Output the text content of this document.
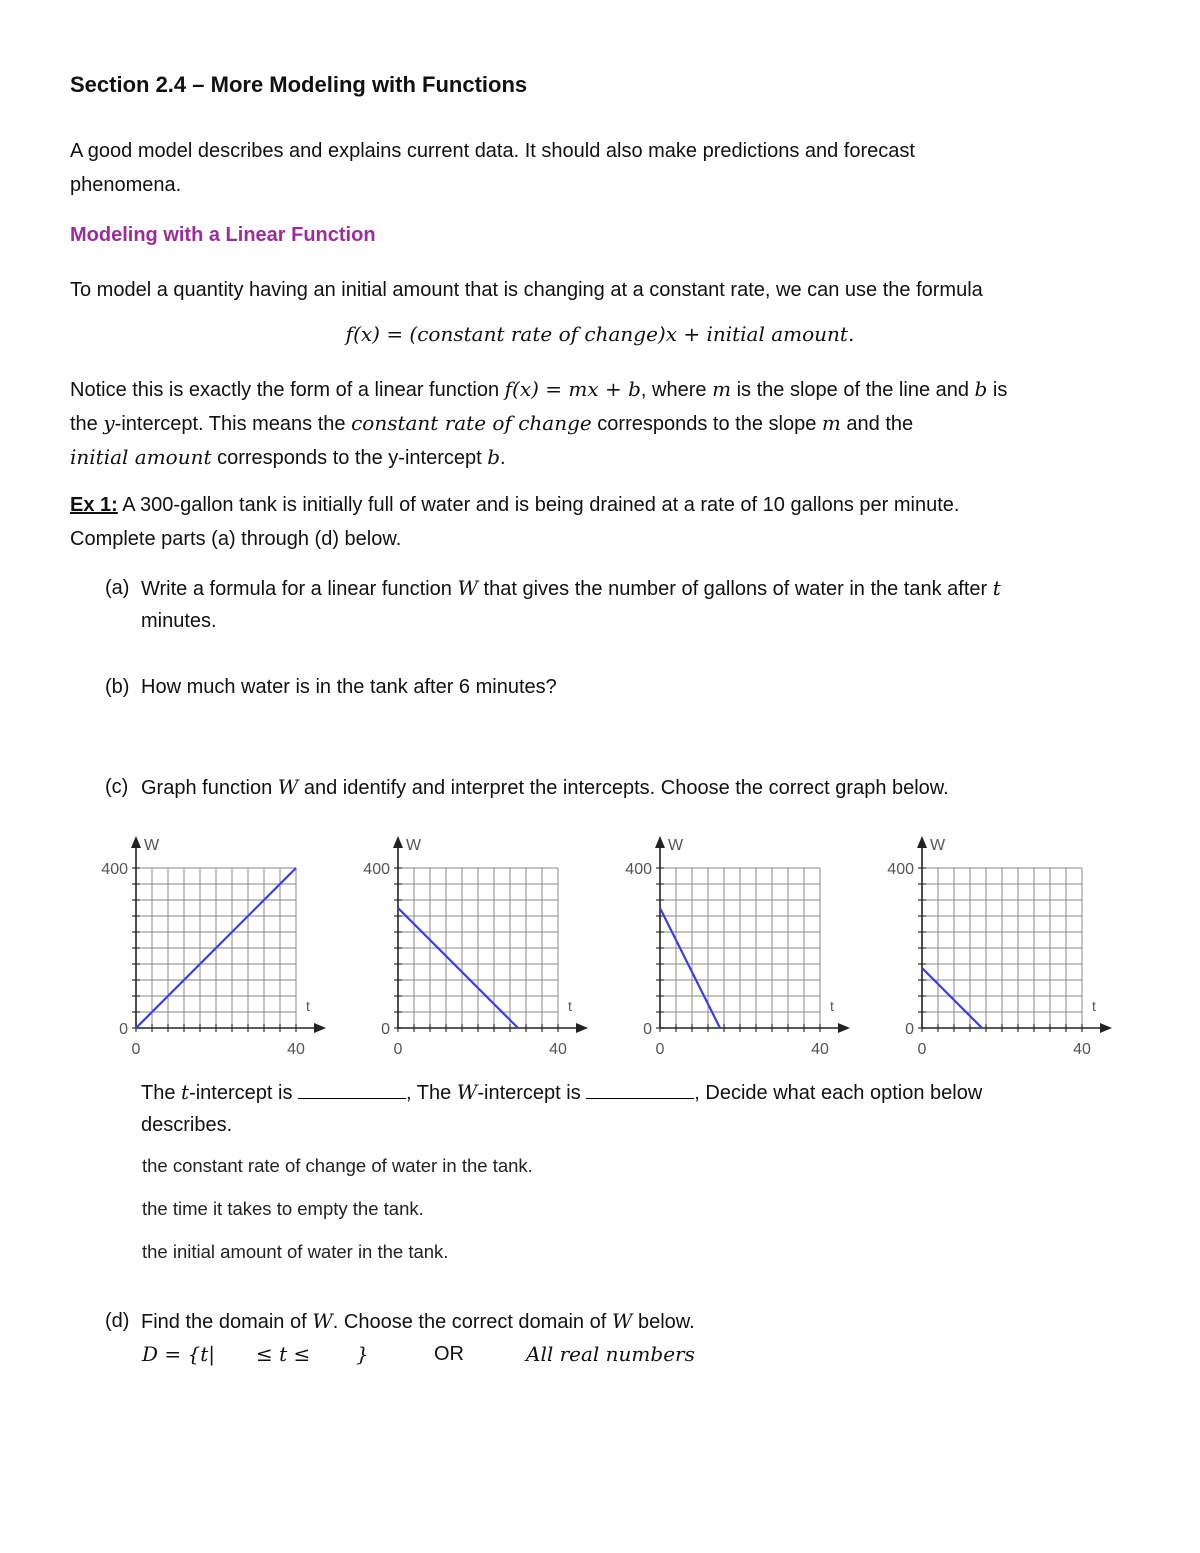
Section 2.4 – More Modeling with Functions
A good model describes and explains current data. It should also make predictions and forecast
phenomena.
Modeling with a Linear Function
To model a quantity having an initial amount that is changing at a constant rate, we can use the formula
f(x) = (constant rate of change)x + initial amount.
Notice this is exactly the form of a linear function f(x) = mx + b, where m is the slope of the line and b is
the y-intercept. This means the constant rate of change corresponds to the slope m and the
initial amount corresponds to the y-intercept b.
Ex 1: A 300-gallon tank is initially full of water and is being drained at a rate of 10 gallons per minute.
Complete parts (a) through (d) below.
(a) Write a formula for a linear function W that gives the number of gallons of water in the tank after t
minutes.
(b) How much water is in the tank after 6 minutes?
(c) Graph function W and identify and interpret the intercepts. Choose the correct graph below.
W
400
0
0	40
t
W
400
0
0	40
t
W
400
0
0	40
t
W
400
0
0	40
t
The t-intercept is	, The W-intercept is	, Decide what each option below
describes.
the constant rate of change of water in the tank.
the time it takes to empty the tank.
the initial amount of water in the tank.
(d) Find the domain of W. Choose the correct domain of W below.
D = {t| ≤ t ≤ }	OR	All real numbers
